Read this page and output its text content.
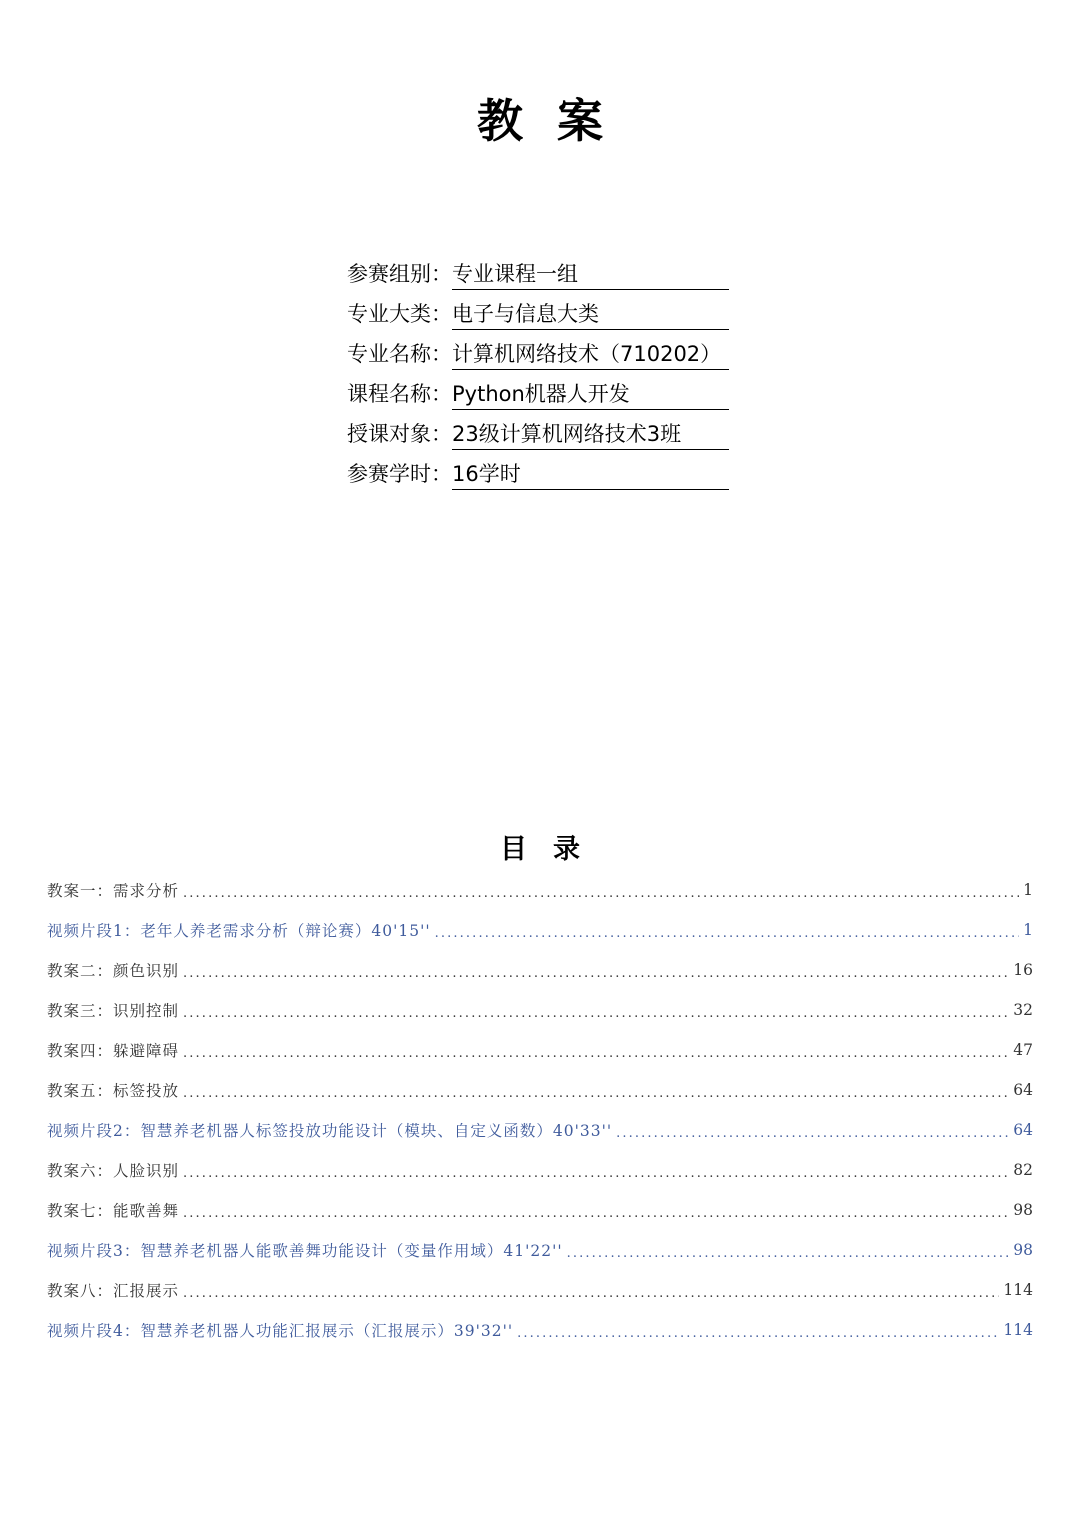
教案
参赛组别： 专业课程一组
专业大类： 电子与信息大类
专业名称： 计算机网络技术（710202）
课程名称： Python机器人开发
授课对象： 23级计算机网络技术3班
参赛学时： 16学时
目录
教案一：需求分析 . . .	1
视频片段1：老年人养老需求分析（辩论赛）40'15'' . . .	1
教案二：颜色识别 . . .	16
教案三：识别控制 . . .	32
教案四：躲避障碍 . . .	47
教案五：标签投放 . . .	64
视频片段2：智慧养老机器人标签投放功能设计（模块、自定义函数）40'33'' . . .	64
教案六：人脸识别 . . .	82
教案七：能歌善舞 . . .	98
视频片段3：智慧养老机器人能歌善舞功能设计（变量作用域）41'22'' . . .	98
教案八：汇报展示 . . .	114
视频片段4：智慧养老机器人功能汇报展示（汇报展示）39'32'' . . .	114
